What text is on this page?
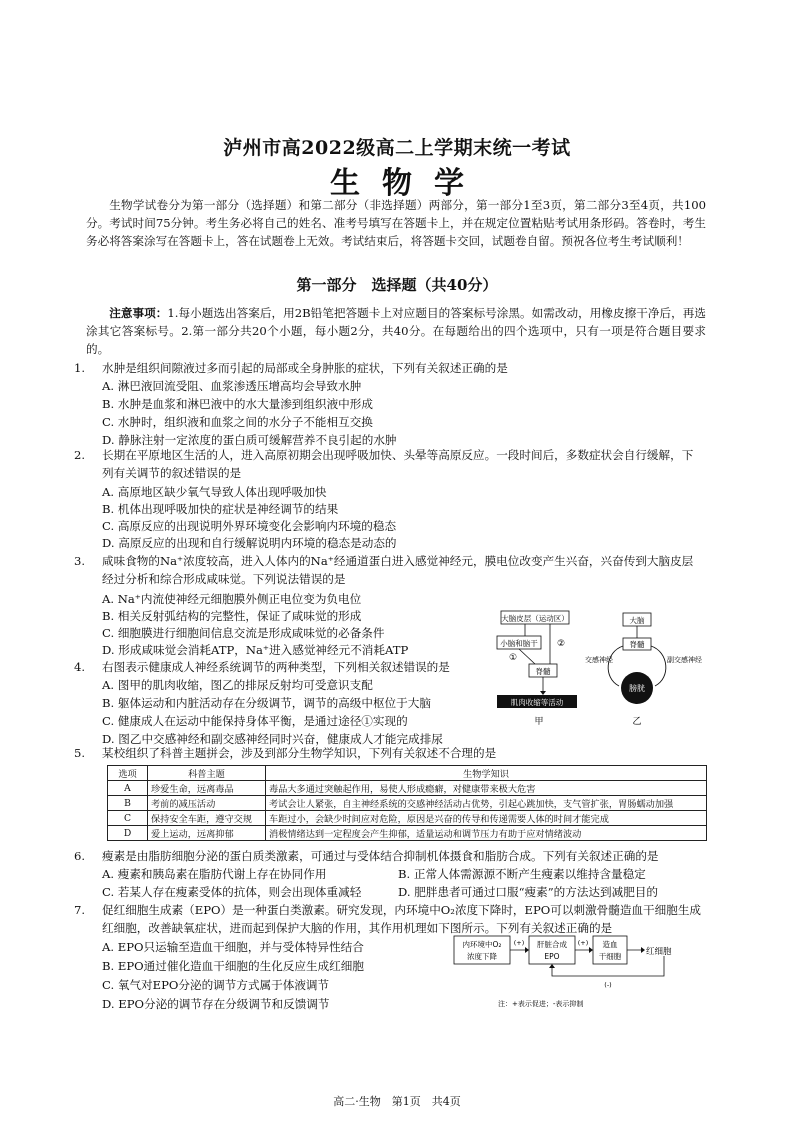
泸州市高2022级高二上学期末统一考试
生物学
生物学试卷分为第一部分（选择题）和第二部分（非选择题）两部分，第一部分1至3页，第二部分3至4页，共100分。考试时间75分钟。考生务必将自己的姓名、准考号填写在答题卡上，并在规定位置粘贴考试用条形码。答卷时，考生务必将答案涂写在答题卡上，答在试题卷上无效。考试结束后，将答题卡交回，试题卷自留。预祝各位考生考试顺利！
第一部分　选择题（共40分）
注意事项：1.每小题选出答案后，用2B铅笔把答题卡上对应题目的答案标号涂黑。如需改动，用橡皮擦干净后，再选涂其它答案标号。2.第一部分共20个小题，每小题2分，共40分。在每题给出的四个选项中，只有一项是符合题目要求的。
1. 水肿是组织间隙液过多而引起的局部或全身肿胀的症状，下列有关叙述正确的是
A. 淋巴液回流受阻、血浆渗透压增高均会导致水肿
B. 水肿是血浆和淋巴液中的水大量渗到组织液中形成
C. 水肿时，组织液和血浆之间的水分子不能相互交换
D. 静脉注射一定浓度的蛋白质可缓解营养不良引起的水肿
2. 长期在平原地区生活的人，进入高原初期会出现呼吸加快、头晕等高原反应。一段时间后，多数症状会自行缓解，下列有关调节的叙述错误的是
A. 高原地区缺少氧气导致人体出现呼吸加快
B. 机体出现呼吸加快的症状是神经调节的结果
C. 高原反应的出现说明外界环境变化会影响内环境的稳态
D. 高原反应的出现和自行缓解说明内环境的稳态是动态的
3. 咸味食物的Na⁺浓度较高，进入人体内的Na⁺经通道蛋白进入感觉神经元，膜电位改变产生兴奋，兴奋传到大脑皮层经过分析和综合形成咸味觉。下列说法错误的是
A. Na⁺内流使神经元细胞膜外侧正电位变为负电位
B. 相关反射弧结构的完整性，保证了咸味觉的形成
C. 细胞膜进行细胞间信息交流是形成咸味觉的必备条件
D. 形成咸味觉会消耗ATP，Na⁺进入感觉神经元不消耗ATP
4. 右图表示健康成人神经系统调节的两种类型，下列相关叙述错误的是
A. 图甲的肌肉收缩，图乙的排尿反射均可受意识支配
B. 躯体运动和内脏活动存在分级调节，调节的高级中枢位于大脑
C. 健康成人在运动中能保持身体平衡，是通过途径①实现的
D. 图乙中交感神经和副交感神经同时兴奋，健康成人才能完成排尿
大脑皮层（运动区）
小脑和脑干
①
②
脊髓
肌肉收缩等活动
甲
大脑
脊髓
交感神经	副交感神经
膀胱
乙
5. 某校组织了科普主题拼会，涉及到部分生物学知识，下列有关叙述不合理的是
选项	科普主题	生物学知识
A	珍爱生命，远离毒品	毒品大多通过突触起作用，易使人形成瘾癖，对健康带来极大危害
B	考前的减压活动	考试会让人紧张，自主神经系统的交感神经活动占优势，引起心跳加快，支气管扩张，胃肠蠕动加强
C	保持安全车距，遵守交规	车距过小，会缺少时间应对危险，原因是兴奋的传导和传递需要人体的时间才能完成
D	爱上运动，远离抑郁	消极情绪达到一定程度会产生抑郁，适量运动和调节压力有助于应对情绪波动
6. 瘦素是由脂肪细胞分泌的蛋白质类激素，可通过与受体结合抑制机体摄食和脂肪合成。下列有关叙述正确的是
A. 瘦素和胰岛素在脂肪代谢上存在协同作用	B. 正常人体需源源不断产生瘦素以维持含量稳定
C. 若某人存在瘦素受体的抗体，则会出现体重减轻	D. 肥胖患者可通过口服“瘦素”的方法达到减肥目的
7. 促红细胞生成素（EPO）是一种蛋白类激素。研究发现，内环境中O₂浓度下降时，EPO可以刺激骨髓造血干细胞生成红细胞，改善缺氧症状，进而起到保护大脑的作用，其作用机理如下图所示。下列有关叙述正确的是
A. EPO只运输至造血干细胞，并与受体特异性结合
B. EPO通过催化造血干细胞的生化反应生成红细胞
C. 氧气对EPO分泌的调节方式属于体液调节
D. EPO分泌的调节存在分级调节和反馈调节
内环境中O₂
浓度下降
(+) 肝脏合成
EPO
(+) 造血
干细胞	红细胞
(-)
注：+表示促进；-表示抑制
高二·生物　第1页　共4页
